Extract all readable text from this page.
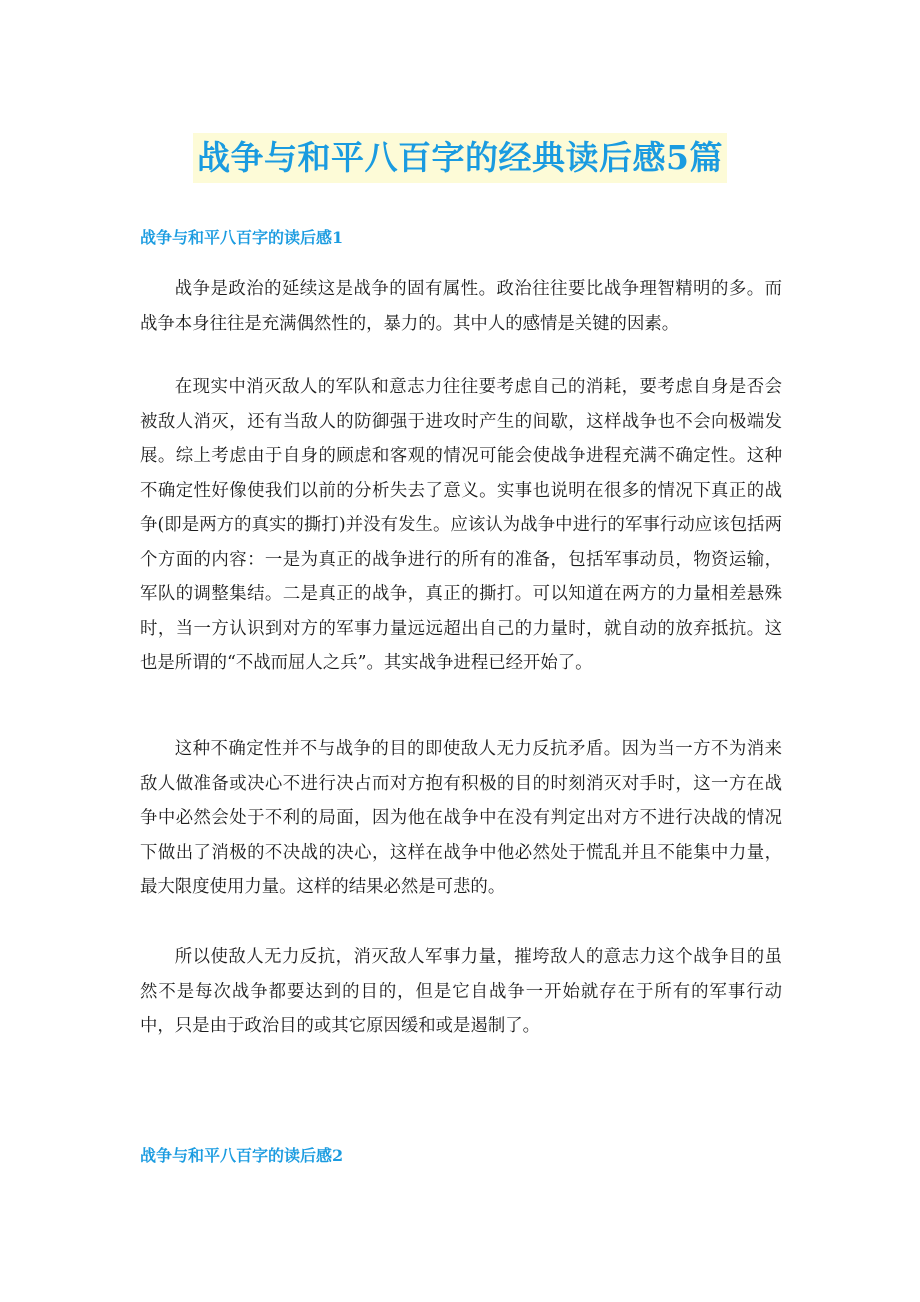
战争与和平八百字的经典读后感5篇
战争与和平八百字的读后感1

战争是政治的延续这是战争的固有属性。政治往往要比战争理智精明的多。而战争本身往往是充满偶然性的，暴力的。其中人的感情是关键的因素。

在现实中消灭敌人的军队和意志力往往要考虑自己的消耗，要考虑自身是否会被敌人消灭，还有当敌人的防御强于进攻时产生的间歇，这样战争也不会向极端发展。综上考虑由于自身的顾虑和客观的情况可能会使战争进程充满不确定性。这种不确定性好像使我们以前的分析失去了意义。实事也说明在很多的情况下真正的战争(即是两方的真实的撕打)并没有发生。应该认为战争中进行的军事行动应该包括两个方面的内容：一是为真正的战争进行的所有的准备，包括军事动员，物资运输，军队的调整集结。二是真正的战争，真正的撕打。可以知道在两方的力量相差悬殊时，当一方认识到对方的军事力量远远超出自己的力量时，就自动的放弃抵抗。这也是所谓的“不战而屈人之兵”。其实战争进程已经开始了。

这种不确定性并不与战争的目的即使敌人无力反抗矛盾。因为当一方不为消来敌人做准备或决心不进行决占而对方抱有积极的目的时刻消灭对手时，这一方在战争中必然会处于不利的局面，因为他在战争中在没有判定出对方不进行决战的情况下做出了消极的不决战的决心，这样在战争中他必然处于慌乱并且不能集中力量，最大限度使用力量。这样的结果必然是可悲的。

所以使敌人无力反抗，消灭敌人军事力量，摧垮敌人的意志力这个战争目的虽然不是每次战争都要达到的目的，但是它自战争一开始就存在于所有的军事行动中，只是由于政治目的或其它原因缓和或是遏制了。

战争与和平八百字的读后感2
